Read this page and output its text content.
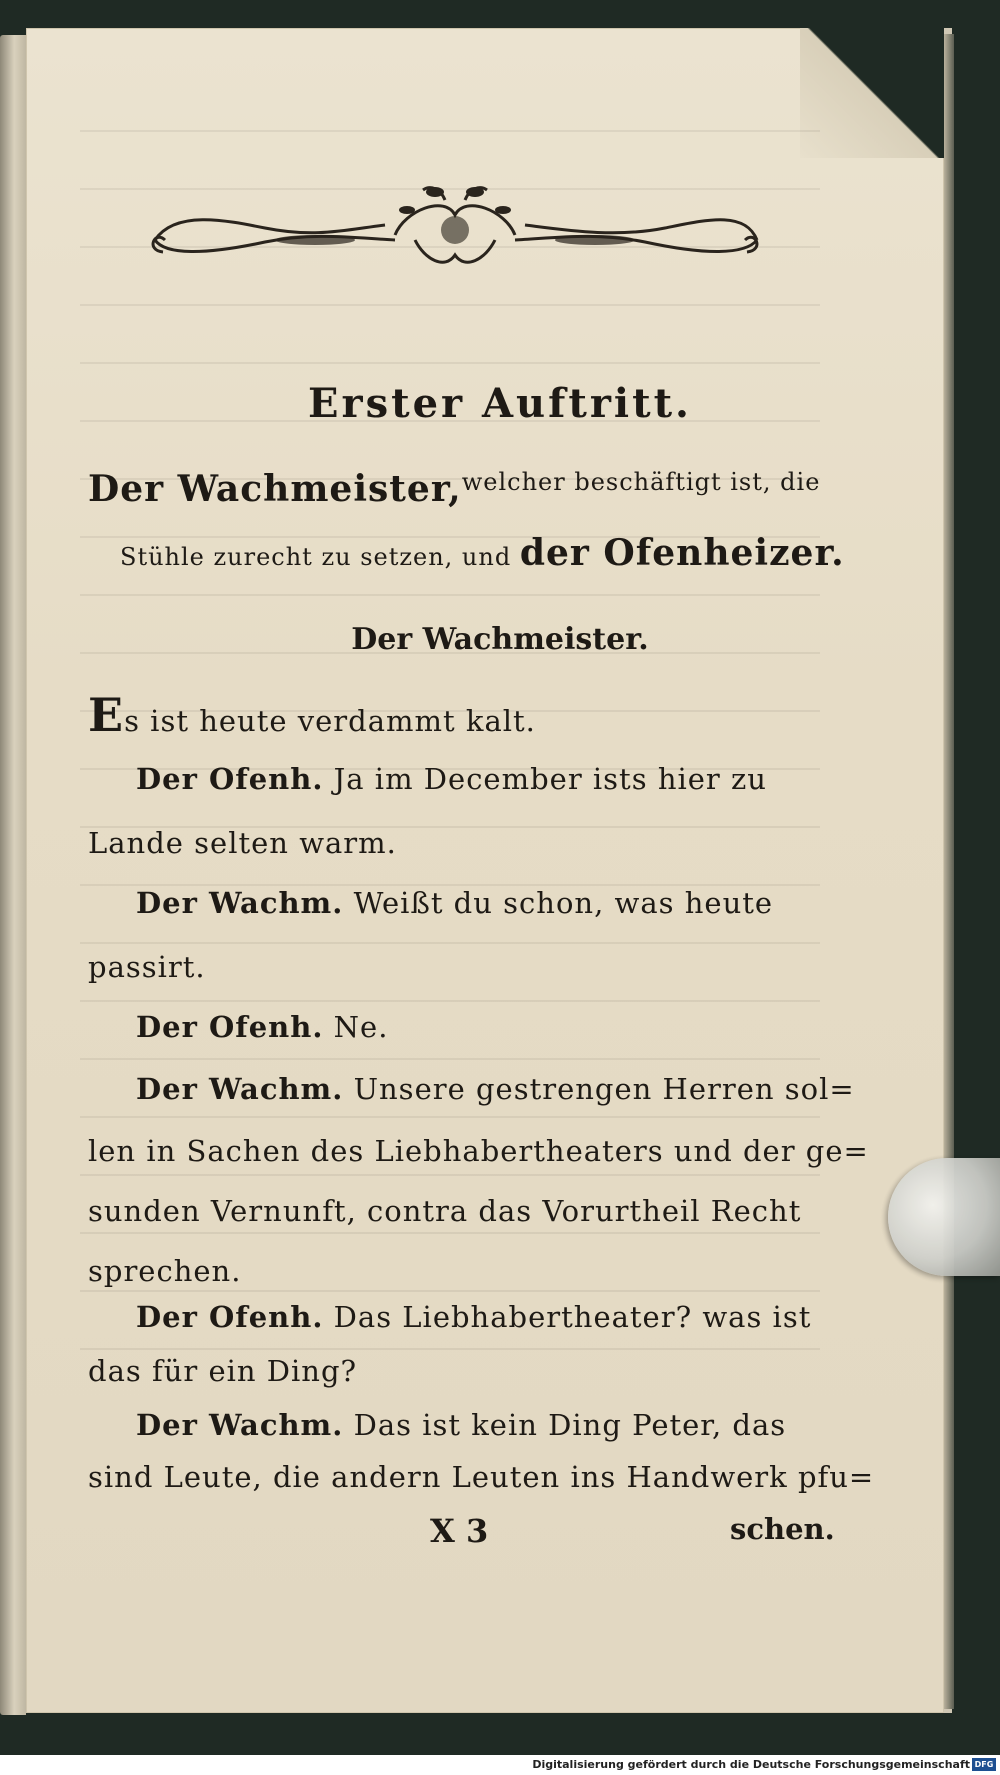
Erster Auftritt.
Der Wachmeister, welcher beschäftigt ist, die
Stühle zurecht zu setzen, und der Ofenheizer.
Der Wachmeister.
Es ist heute verdammt kalt.
Der Ofenh. Ja im December ists hier zu
Lande selten warm.
Der Wachm. Weißt du schon, was heute
passirt.
Der Ofenh. Ne.
Der Wachm. Unsere gestrengen Herren sol=
len in Sachen des Liebhabertheaters und der ge=
sunden Vernunft, contra das Vorurtheil Recht
sprechen.
Der Ofenh. Das Liebhabertheater? was ist
das für ein Ding?
Der Wachm. Das ist kein Ding Peter, das
sind Leute, die andern Leuten ins Handwerk pfu=
X 3	schen.
Digitalisierung gefördert durch die Deutsche Forschungsgemeinschaft DFG
